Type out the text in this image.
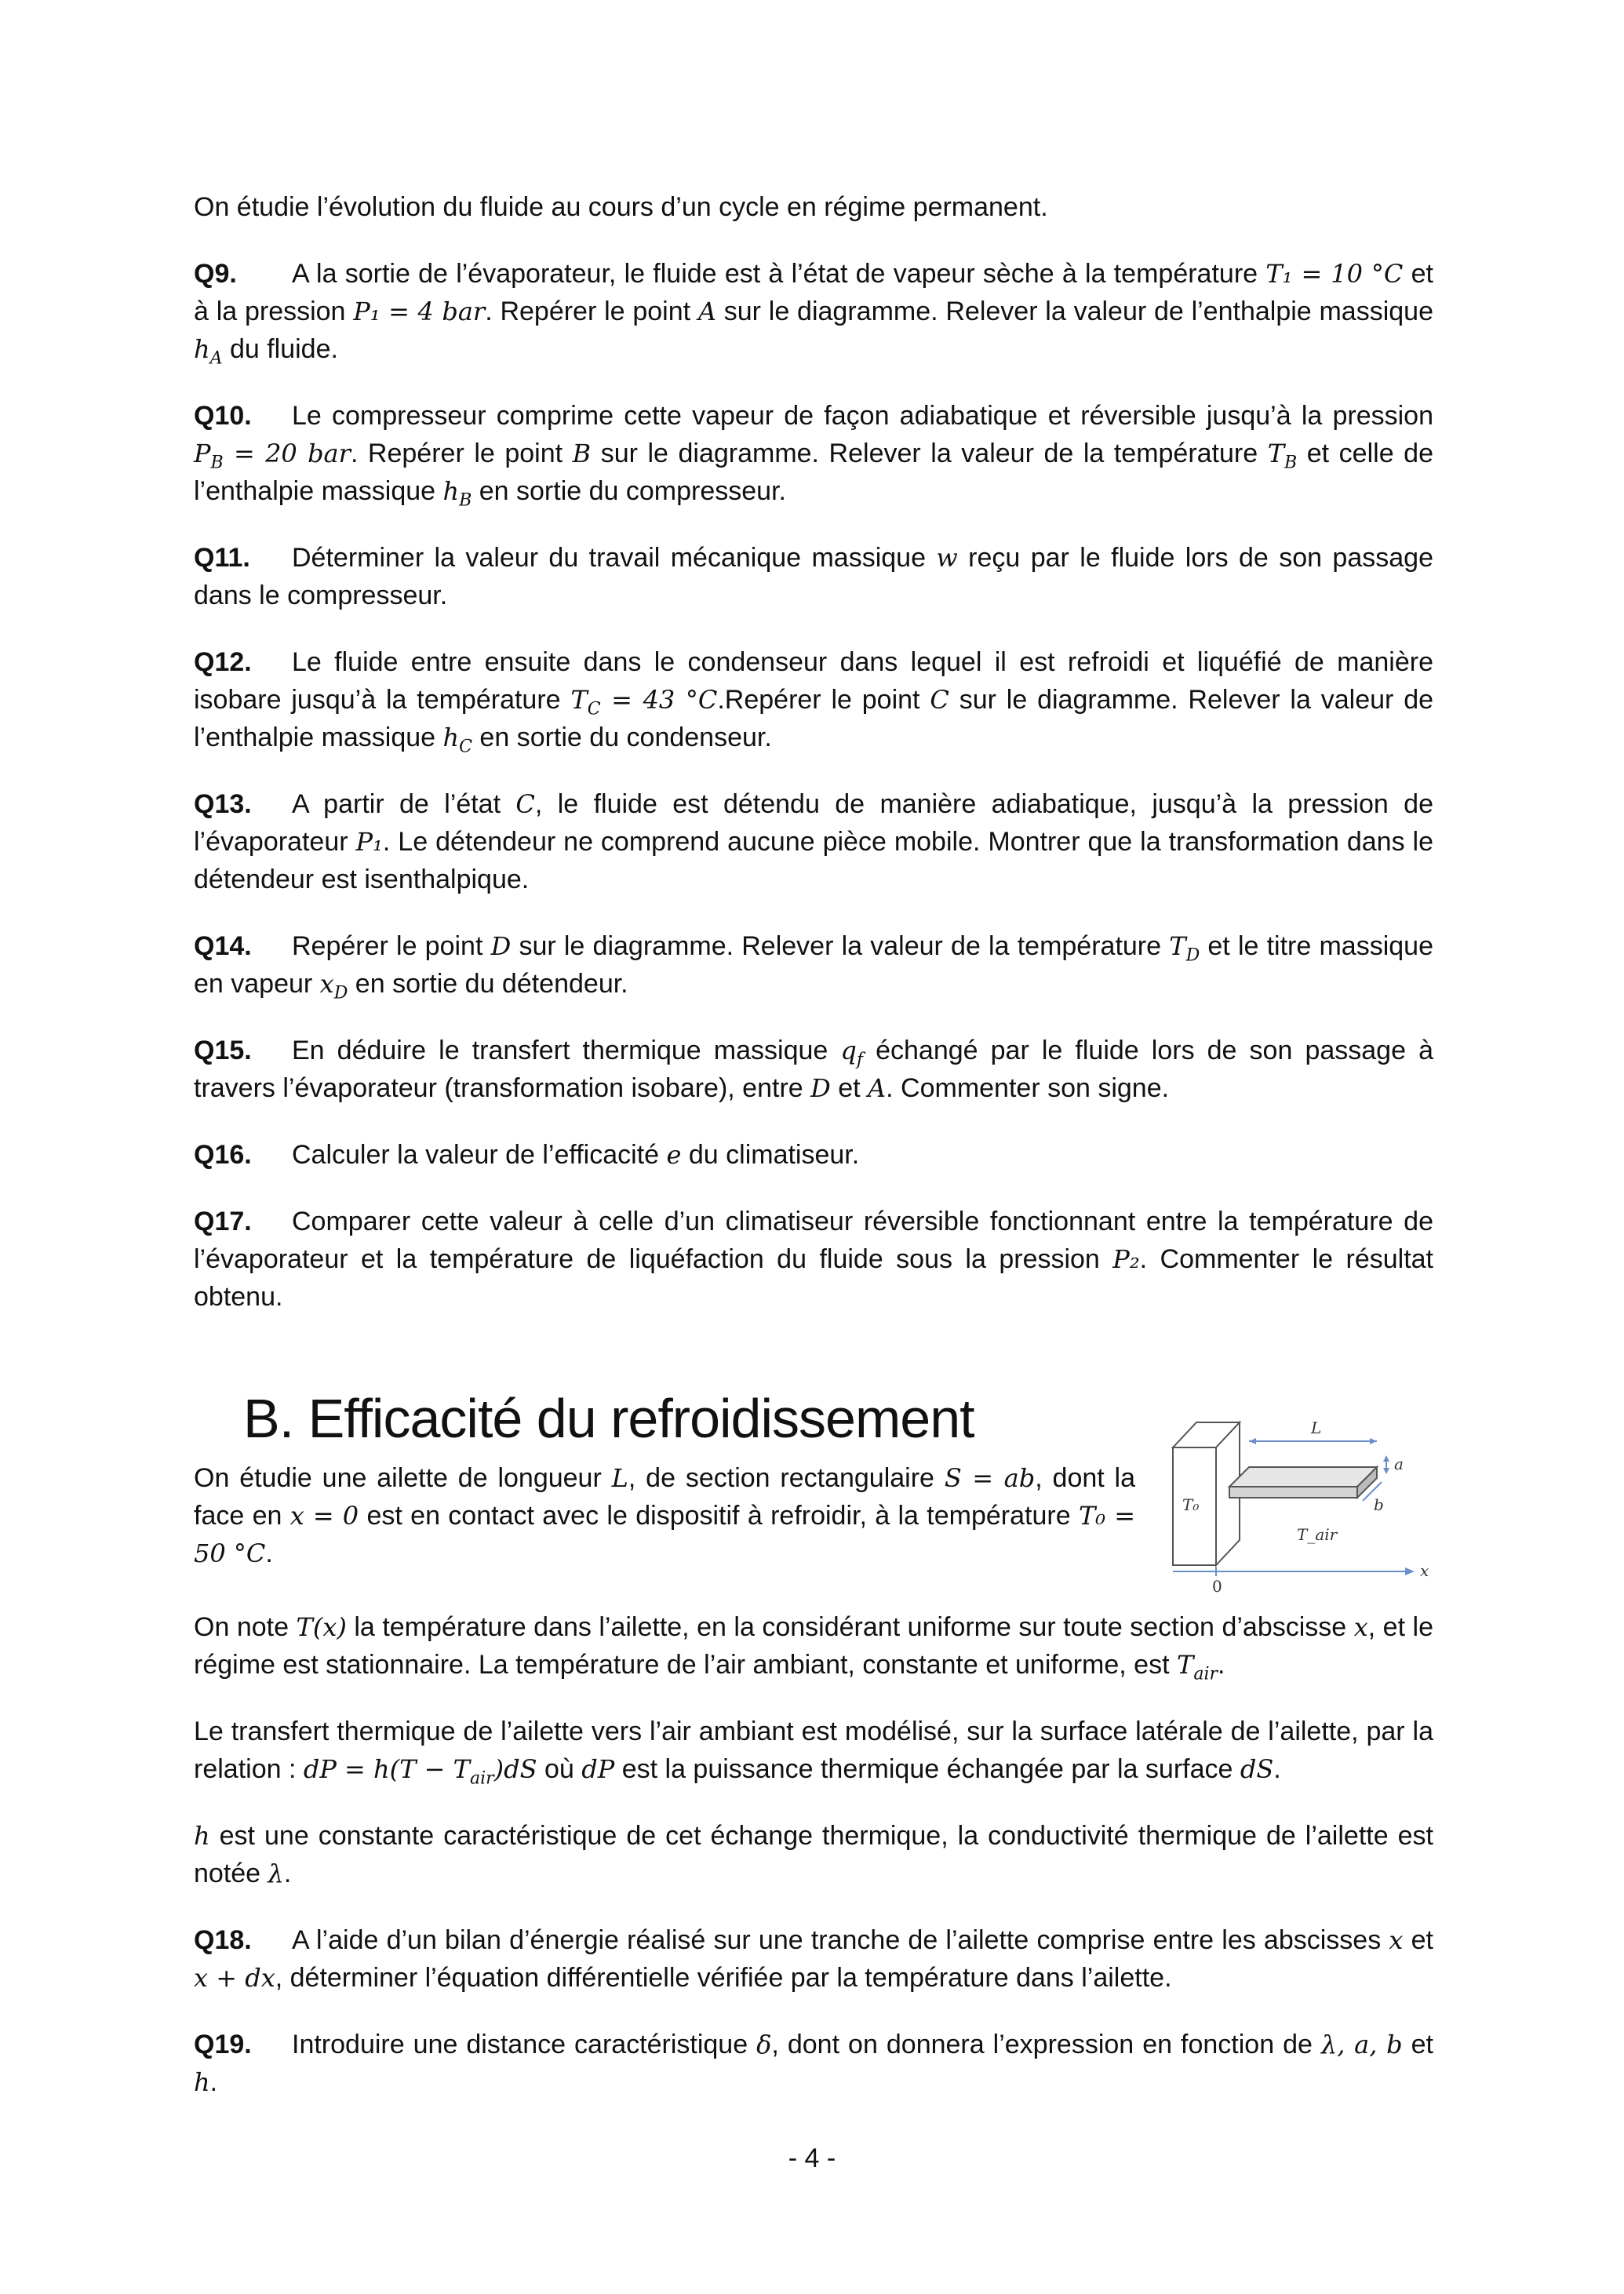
On étudie l’évolution du fluide au cours d’un cycle en régime permanent.

Q9. A la sortie de l’évaporateur, le fluide est à l’état de vapeur sèche à la température T₁ = 10 °C et à la pression P₁ = 4 bar. Repérer le point A sur le diagramme. Relever la valeur de l’enthalpie massique $h_A$ du fluide.

Q10. Le compresseur comprime cette vapeur de façon adiabatique et réversible jusqu’à la pression $P_B = 20$ bar. Repérer le point B sur le diagramme. Relever la valeur de la température $T_B$ et celle de l’enthalpie massique $h_B$ en sortie du compresseur.

Q11. Déterminer la valeur du travail mécanique massique w reçu par le fluide lors de son passage dans le compresseur.

Q12. Le fluide entre ensuite dans le condenseur dans lequel il est refroidi et liquéfié de manière isobare jusqu’à la température $T_C = 43$ °C.Repérer le point C sur le diagramme. Relever la valeur de l’enthalpie massique $h_C$ en sortie du condenseur.

Q13. A partir de l’état C, le fluide est détendu de manière adiabatique, jusqu’à la pression de l’évaporateur P₁. Le détendeur ne comprend aucune pièce mobile. Montrer que la transformation dans le détendeur est isenthalpique.

Q14. Repérer le point D sur le diagramme. Relever la valeur de la température $T_D$ et le titre massique en vapeur $x_D$ en sortie du détendeur.

Q15. En déduire le transfert thermique massique $q_f$ échangé par le fluide lors de son passage à travers l’évaporateur (transformation isobare), entre D et A. Commenter son signe.

Q16. Calculer la valeur de l’efficacité e du climatiseur.

Q17. Comparer cette valeur à celle d’un climatiseur réversible fonctionnant entre la température de l’évaporateur et la température de liquéfaction du fluide sous la pression P₂. Commenter le résultat obtenu.

B. Efficacité du refroidissement

On étudie une ailette de longueur L, de section rectangulaire S = ab, dont la face en x = 0 est en contact avec le dispositif à refroidir, à la température T₀ = 50 °C.

L
a
b
T₀
T_air
0
x

On note T(x) la température dans l’ailette, en la considérant uniforme sur toute section d’abscisse x, et le régime est stationnaire. La température de l’air ambiant, constante et uniforme, est $T_{air}$.

Le transfert thermique de l’ailette vers l’air ambiant est modélisé, sur la surface latérale de l’ailette, par la relation : dP = $h(T - T_{air})dS$ où dP est la puissance thermique échangée par la surface dS.

h est une constante caractéristique de cet échange thermique, la conductivité thermique de l’ailette est notée λ.

Q18. A l’aide d’un bilan d’énergie réalisé sur une tranche de l’ailette comprise entre les abscisses x et x + dx, déterminer l’équation différentielle vérifiée par la température dans l’ailette.

Q19. Introduire une distance caractéristique δ, dont on donnera l’expression en fonction de λ, a, b et h.

- 4 -
